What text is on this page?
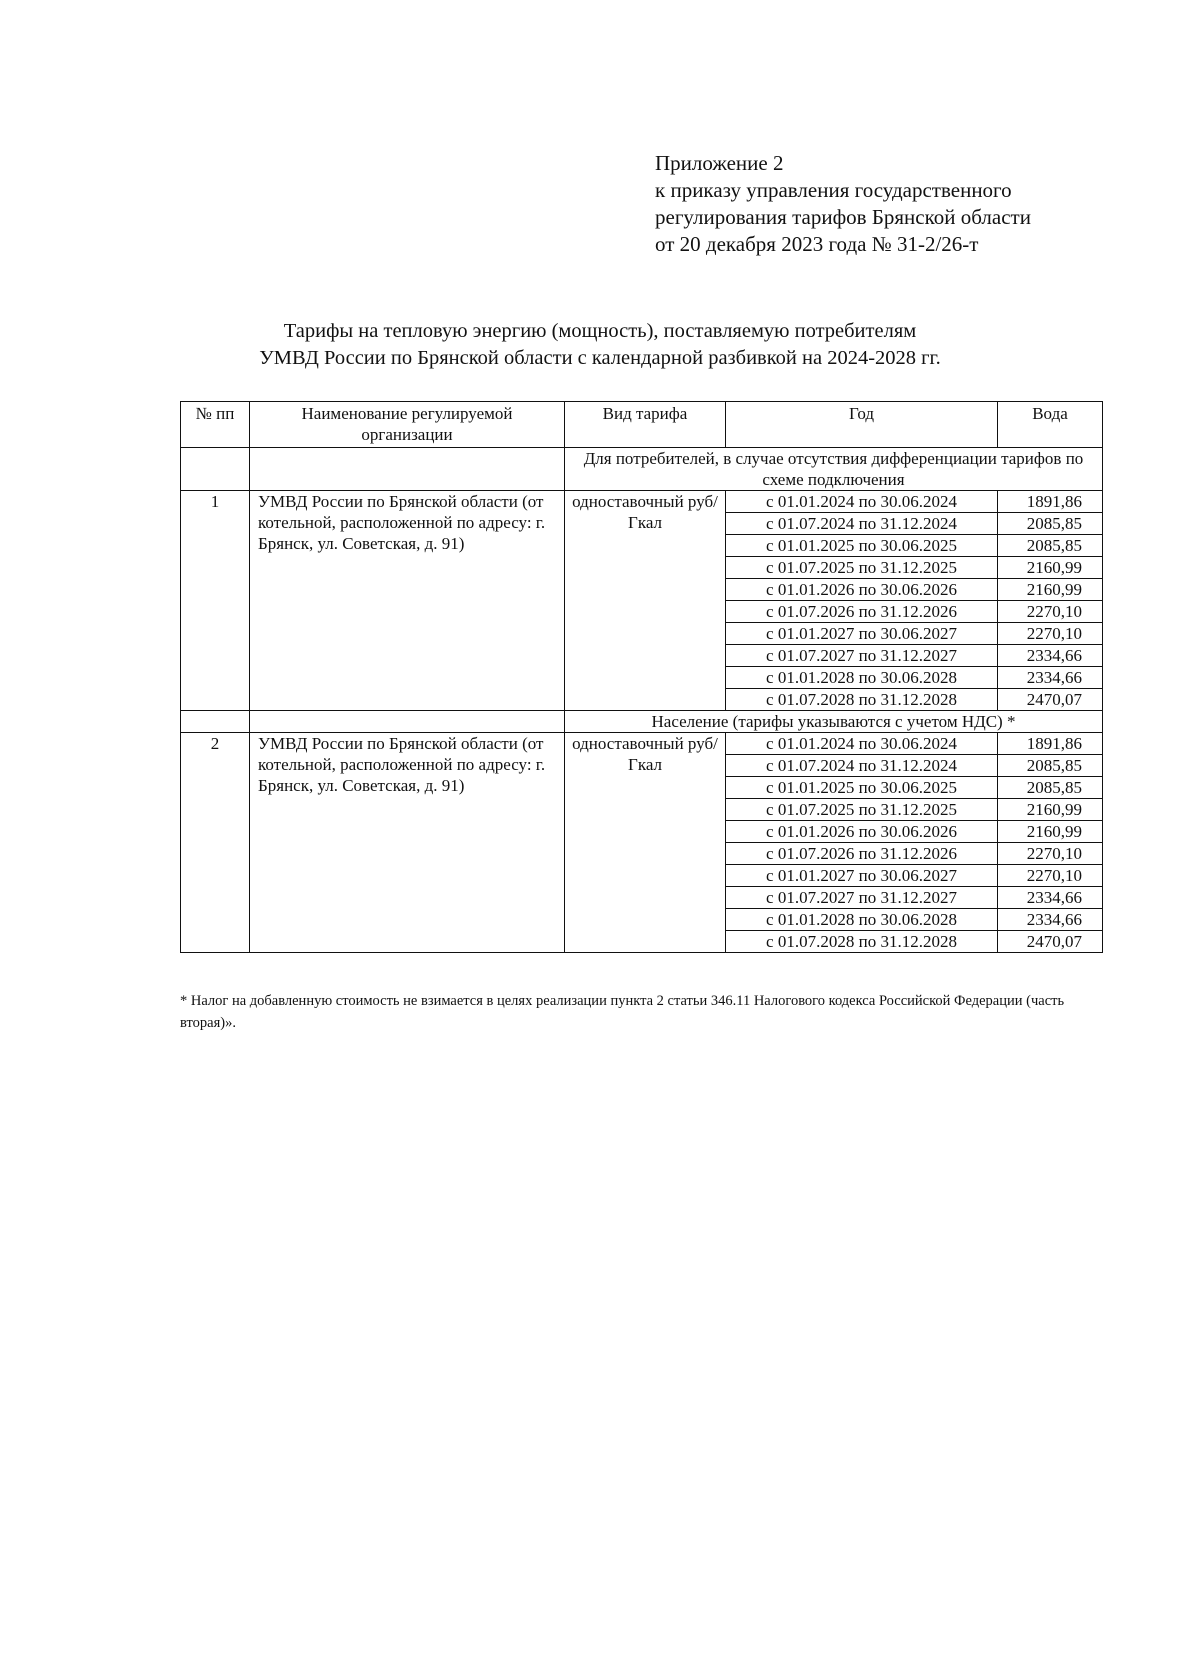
Приложение 2
к приказу управления государственного
регулирования тарифов Брянской области
от 20 декабря 2023 года № 31-2/26-т
Тарифы на тепловую энергию (мощность), поставляемую потребителям
УМВД России по Брянской области с календарной разбивкой на 2024-2028 гг.
№ пп	Наименование регулируемой организации	Вид тарифа	Год	Вода
		Для потребителей, в случае отсутствия дифференциации тарифов по схеме подключения		
1	УМВД России по Брянской области (от котельной, расположенной по адресу: г. Брянск, ул. Советская, д. 91)	одноставочный руб/Гкал	с 01.01.2024 по 30.06.2024	1891,86
			с 01.07.2024 по 31.12.2024	2085,85
			с 01.01.2025 по 30.06.2025	2085,85
			с 01.07.2025 по 31.12.2025	2160,99
			с 01.01.2026 по 30.06.2026	2160,99
			с 01.07.2026 по 31.12.2026	2270,10
			с 01.01.2027 по 30.06.2027	2270,10
			с 01.07.2027 по 31.12.2027	2334,66
			с 01.01.2028 по 30.06.2028	2334,66
			с 01.07.2028 по 31.12.2028	2470,07
		Население (тарифы указываются с учетом НДС) *		
2	УМВД России по Брянской области (от котельной, расположенной по адресу: г. Брянск, ул. Советская, д. 91)	одноставочный руб/Гкал	с 01.01.2024 по 30.06.2024	1891,86
			с 01.07.2024 по 31.12.2024	2085,85
			с 01.01.2025 по 30.06.2025	2085,85
			с 01.07.2025 по 31.12.2025	2160,99
			с 01.01.2026 по 30.06.2026	2160,99
			с 01.07.2026 по 31.12.2026	2270,10
			с 01.01.2027 по 30.06.2027	2270,10
			с 01.07.2027 по 31.12.2027	2334,66
			с 01.01.2028 по 30.06.2028	2334,66
			с 01.07.2028 по 31.12.2028	2470,07
* Налог на добавленную стоимость не взимается в целях реализации пункта 2 статьи 346.11 Налогового кодекса Российской Федерации (часть вторая)».
